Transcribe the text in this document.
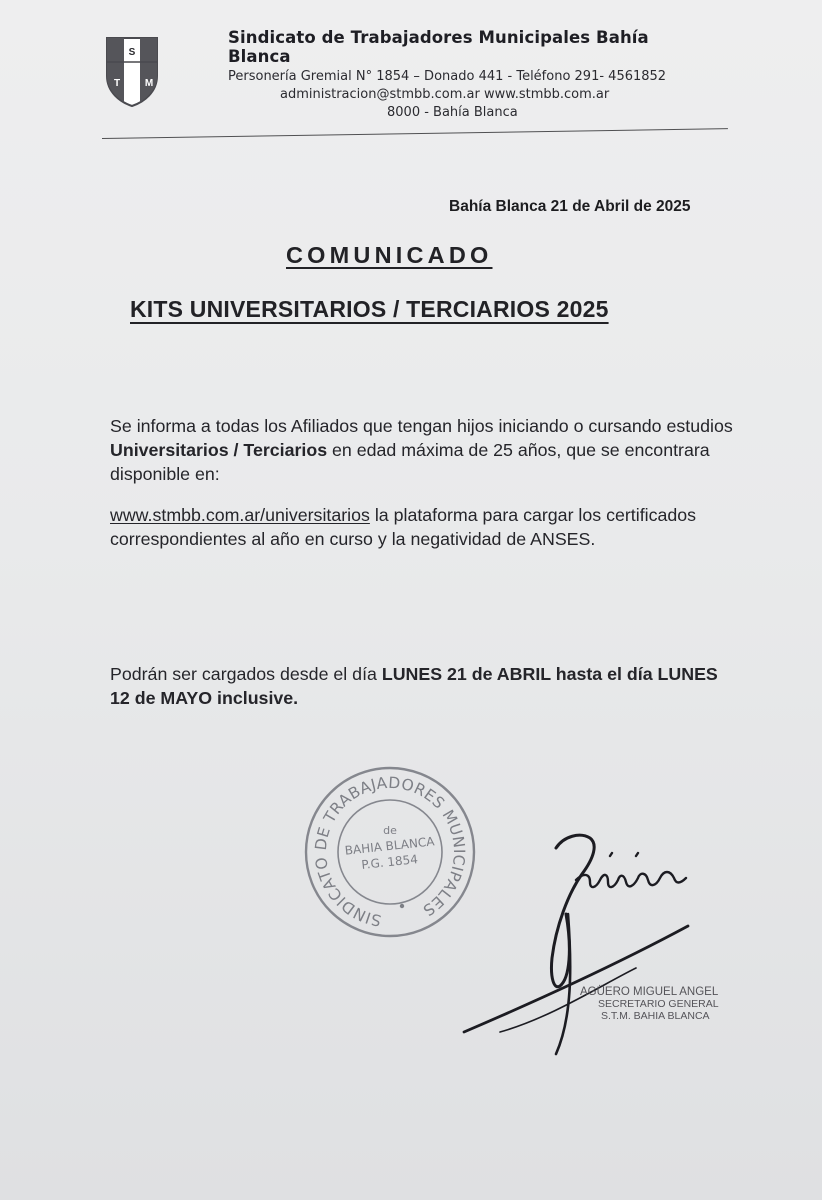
S
T M
Sindicato de Trabajadores Municipales Bahía Blanca
Personería Gremial N° 1854 – Donado 441 - Teléfono 291- 4561852
administracion@stmbb.com.ar www.stmbb.com.ar
8000 - Bahía Blanca
Bahía Blanca 21 de Abril de 2025
COMUNICADO
KITS UNIVERSITARIOS / TERCIARIOS 2025
Se informa a todas los Afiliados que tengan hijos iniciando o cursando estudios Universitarios / Terciarios en edad máxima de 25 años, que se encontrara disponible en:
www.stmbb.com.ar/universitarios la plataforma para cargar los certificados correspondientes al año en curso y la negatividad de ANSES.
Podrán ser cargados desde el día LUNES 21 de ABRIL hasta el día LUNES 12 de MAYO inclusive.
SINDICATO DE TRABAJADORES MUNICIPALES
de
BAHIA BLANCA
P.G. 1854
AGÜERO MIGUEL ANGEL
SECRETARIO GENERAL
S.T.M. BAHIA BLANCA
